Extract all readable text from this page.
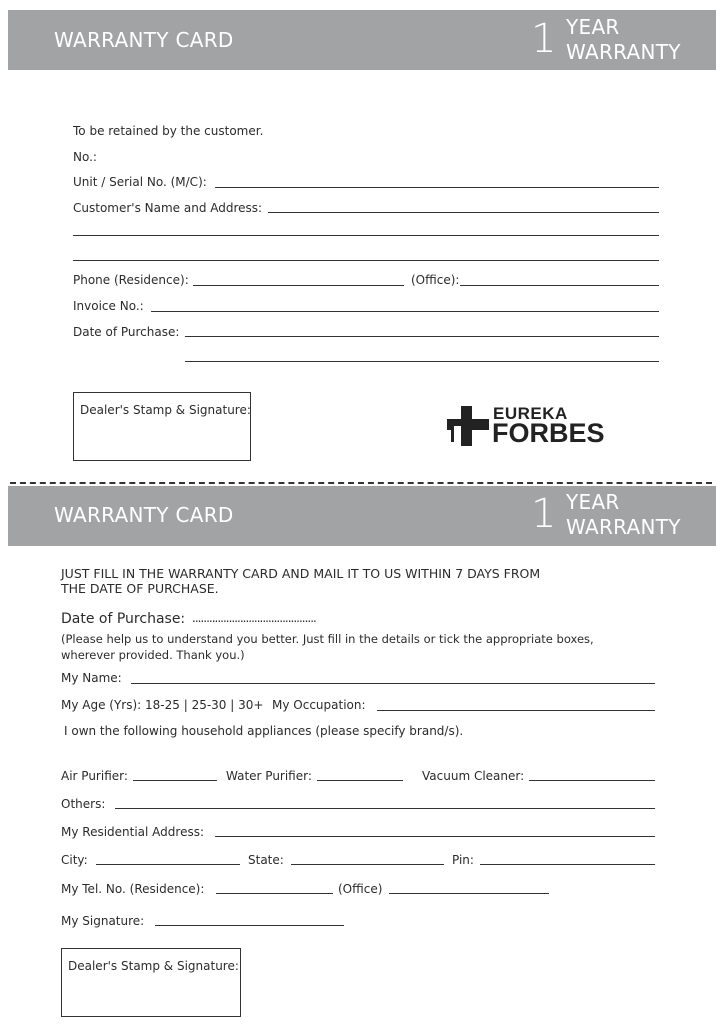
WARRANTY CARD	1 YEAR
WARRANTY
To be retained by the customer.
No.:
Unit / Serial No. (M/C):
Customer's Name and Address:
Phone (Residence):	(Office):
Invoice No.:
Date of Purchase:
Dealer's Stamp & Signature:	EUREKA
FORBES
WARRANTY CARD	1 YEAR
WARRANTY
JUST FILL IN THE WARRANTY CARD AND MAIL IT TO US WITHIN 7 DAYS FROM
THE DATE OF PURCHASE.
Date of Purchase: ............................................
(Please help us to understand you better. Just fill in the details or tick the appropriate boxes,
wherever provided. Thank you.)
My Name:
My Age (Yrs): 18-25 | 25-30 | 30+ My Occupation:
I own the following household appliances (please specify brand/s).
Air Purifier:	Water Purifier:	Vacuum Cleaner:
Others:
My Residential Address:
City:	State:	Pin:
My Tel. No. (Residence):	(Office)
My Signature:
Dealer's Stamp & Signature:
